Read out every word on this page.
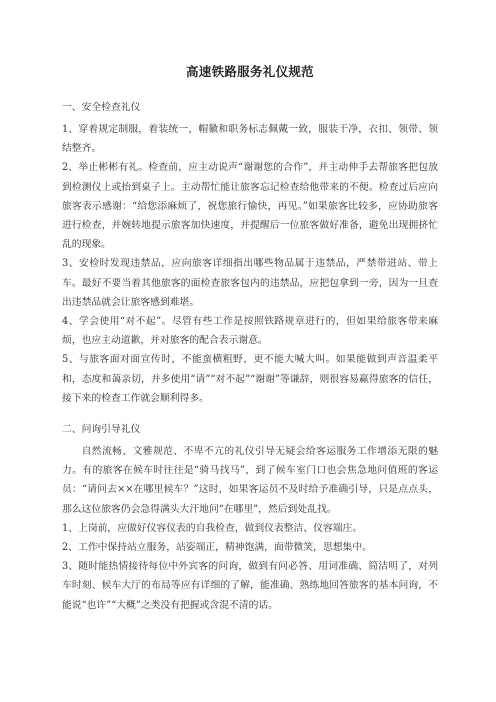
高速铁路服务礼仪规范

一、安全检查礼仪

1、穿着规定制服，着装统一，帽徽和职务标志佩戴一致，服装干净，衣扣、领带、领结整齐。

2、举止彬彬有礼。检查前，应主动说声“谢谢您的合作”，并主动伸手去帮旅客把包放到检测仪上或抬到桌子上。主动帮忙能让旅客忘记检查给他带来的不便。检查过后应向旅客表示感谢：“给您添麻烦了，祝您旅行愉快，再见。”如果旅客比较多，应协助旅客进行检查，并婉转地提示旅客加快速度，并提醒后一位旅客做好准备，避免出现拥挤忙乱的现象。

3、安检时发现违禁品，应向旅客详细指出哪些物品属于违禁品，严禁带进站、带上车。最好不要当着其他旅客的面检查旅客包内的违禁品，应把包拿到一旁，因为一旦查出违禁品就会让旅客感到难堪。

4、学会使用“对不起”。尽管有些工作是按照铁路规章进行的，但如果给旅客带来麻烦，也应主动道歉，并对旅客的配合表示谢意。

5、与旅客面对面宣传时，不能蛮横粗野，更不能大喊大叫。如果能做到声音温柔平和，态度和蔼亲切，并多使用“请”“对不起”“谢谢”等谦辞，则很容易赢得旅客的信任，接下来的检查工作就会顺利得多。

二、问询引导礼仪

自然流畅、文雅规范、不卑不亢的礼仪引导无疑会给客运服务工作增添无限的魅力。有的旅客在候车时往往是“骑马找马”，到了候车室门口也会焦急地问值班的客运员：“请问去××在哪里候车？”这时，如果客运员不及时给予准确引导，只是点点头，那么这位旅客仍会急得满头大汗地问“在哪里”，然后到处乱找。

1、上岗前，应做好仪容仪表的自我检查，做到仪表整洁、仪容端庄。

2、工作中保持站立服务，站姿端正，精神饱满，面带微笑，思想集中。

3、随时能热情接待每位中外宾客的问询，做到有问必答、用词准确、简洁明了，对列车时刻、候车大厅的布局等应有详细的了解，能准确、熟练地回答旅客的基本问询，不能说“也许”“大概”之类没有把握或含混不清的话。
